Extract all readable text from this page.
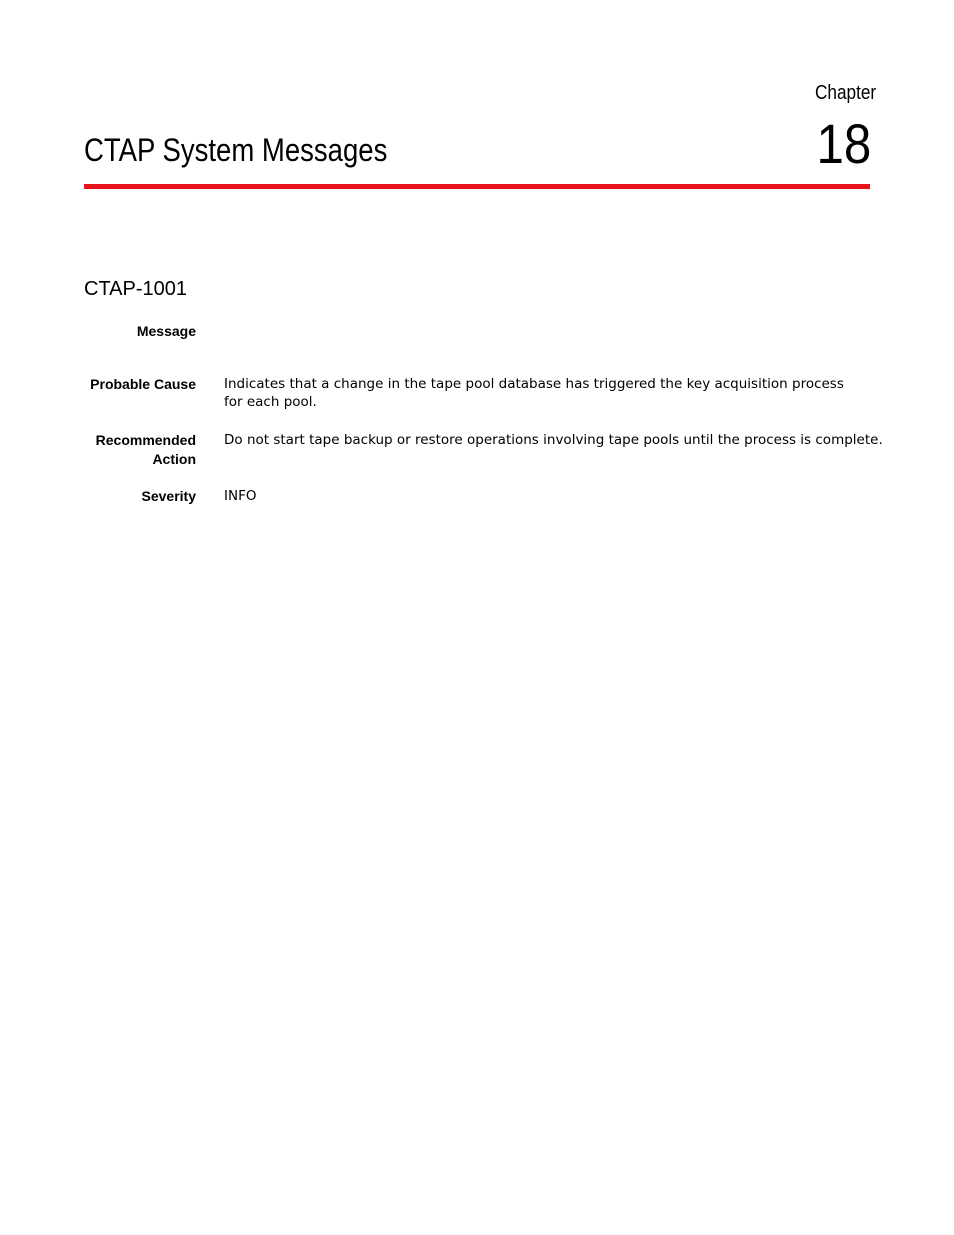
Chapter
18
CTAP System Messages
CTAP-1001
Message
Probable Cause Indicates that a change in the tape pool database has triggered the key acquisition process for each pool.
Recommended
Action
Do not start tape backup or restore operations involving tape pools until the process is complete.
Severity INFO
